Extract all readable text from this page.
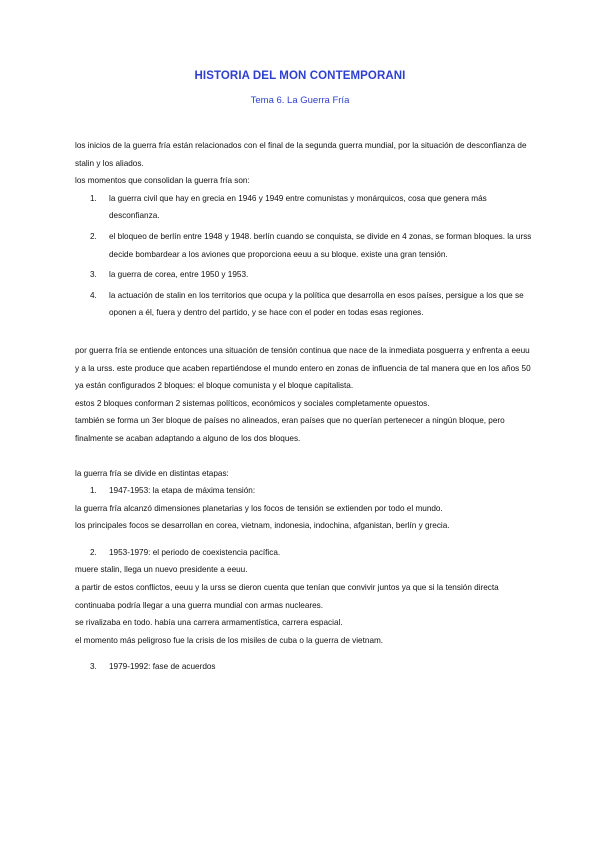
HISTORIA DEL MON CONTEMPORANI
Tema 6. La Guerra Fría

los inicios de la guerra fría están relacionados con el final de la segunda guerra mundial, por la situación de desconfianza de stalin y los aliados.

los momentos que consolidan la guerra fría son:

1. la guerra civil que hay en grecia en 1946 y 1949 entre comunistas y monárquicos, cosa que genera más desconfianza.
2. el bloqueo de berlín entre 1948 y 1948. berlín cuando se conquista, se divide en 4 zonas, se forman bloques. la urss decide bombardear a los aviones que proporciona eeuu a su bloque. existe una gran tensión.
3. la guerra de corea, entre 1950 y 1953.
4. la actuación de stalin en los territorios que ocupa y la política que desarrolla en esos países, persigue a los que se oponen a él, fuera y dentro del partido, y se hace con el poder en todas esas regiones.

por guerra fría se entiende entonces una situación de tensión continua que nace de la inmediata posguerra y enfrenta a eeuu y a la urss. este produce que acaben repartiéndose el mundo entero en zonas de influencia de tal manera que en los años 50 ya están configurados 2 bloques: el bloque comunista y el bloque capitalista.

estos 2 bloques conforman 2 sistemas políticos, económicos y sociales completamente opuestos.

también se forma un 3er bloque de países no alineados, eran países que no querían pertenecer a ningún bloque, pero finalmente se acaban adaptando a alguno de los dos bloques.

la guerra fría se divide en distintas etapas:

1. 1947-1953: la etapa de máxima tensión:

la guerra fría alcanzó dimensiones planetarias y los focos de tensión se extienden por todo el mundo.

los principales focos se desarrollan en corea, vietnam, indonesia, indochina, afganistan, berlín y grecia.

2. 1953-1979: el periodo de coexistencia pacífica.

muere stalin, llega un nuevo presidente a eeuu.

a partir de estos conflictos, eeuu y la urss se dieron cuenta que tenían que convivir juntos ya que si la tensión directa continuaba podría llegar a una guerra mundial con armas nucleares.

se rivalizaba en todo. había una carrera armamentística, carrera espacial.

el momento más peligroso fue la crisis de los misiles de cuba o la guerra de vietnam.

3. 1979-1992: fase de acuerdos
